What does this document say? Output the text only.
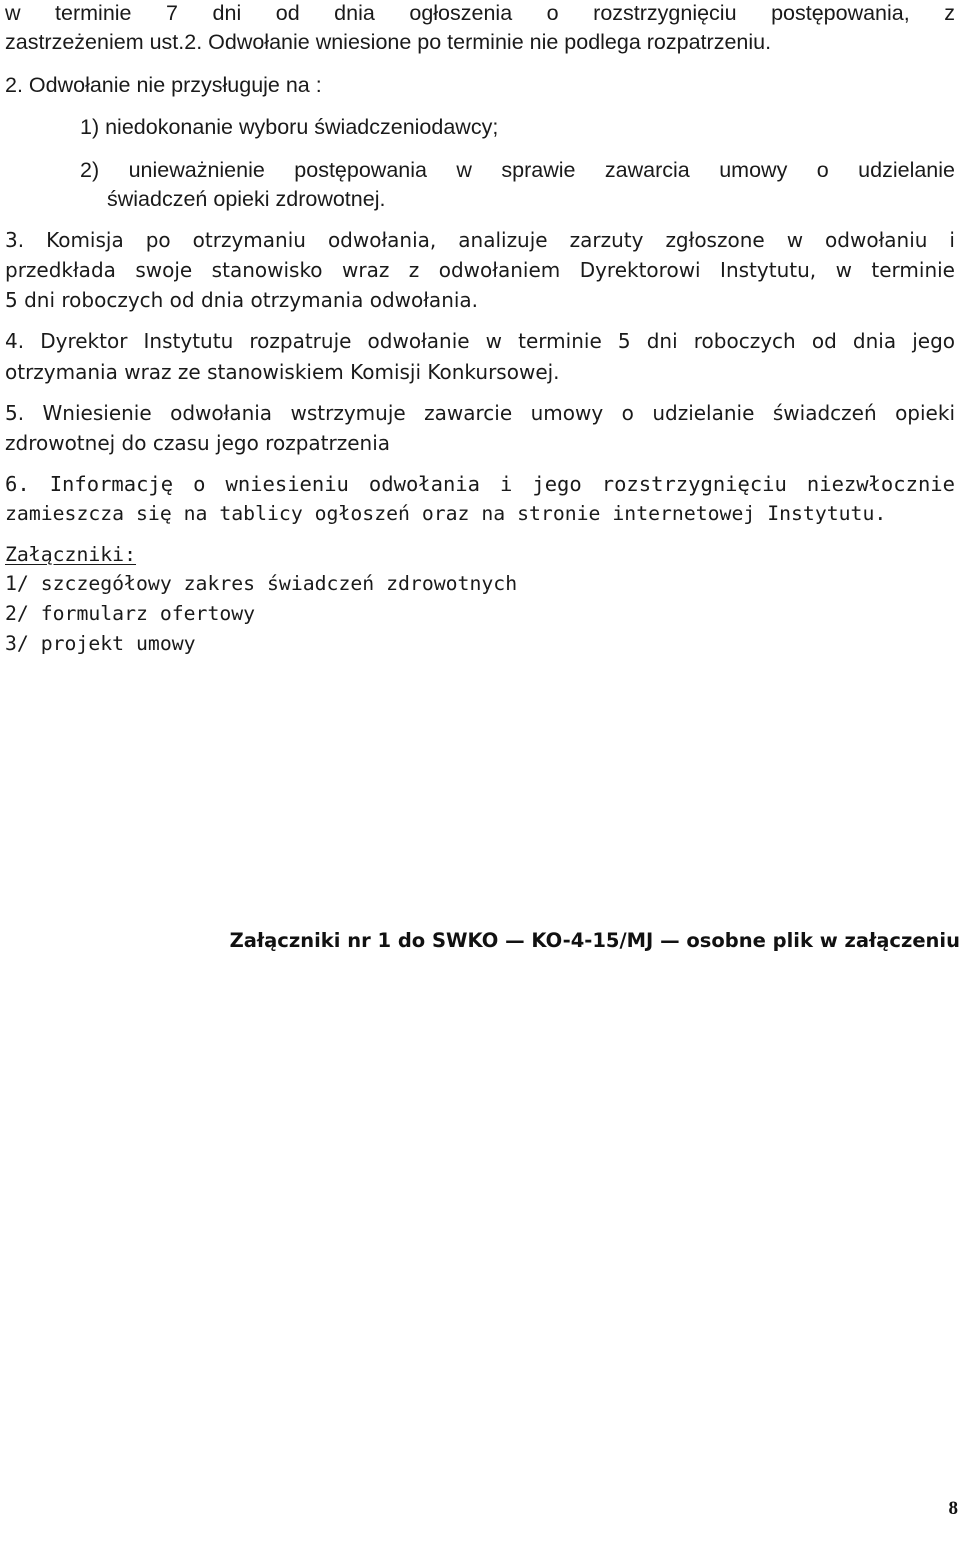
w terminie 7 dni od dnia ogłoszenia o rozstrzygnięciu postępowania, z
zastrzeżeniem ust.2. Odwołanie wniesione po terminie nie podlega rozpatrzeniu.
2. Odwołanie nie przysługuje na :
1) niedokonanie wyboru świadczeniodawcy;
2) unieważnienie postępowania w sprawie zawarcia umowy o udzielanie
świadczeń opieki zdrowotnej.
3. Komisja po otrzymaniu odwołania, analizuje zarzuty zgłoszone w odwołaniu i
przedkłada swoje stanowisko wraz z odwołaniem Dyrektorowi Instytutu, w terminie
5 dni roboczych od dnia otrzymania odwołania.
4. Dyrektor Instytutu rozpatruje odwołanie w terminie 5 dni roboczych od dnia jego
otrzymania wraz ze stanowiskiem Komisji Konkursowej.
5. Wniesienie odwołania wstrzymuje zawarcie umowy o udzielanie świadczeń opieki
zdrowotnej do czasu jego rozpatrzenia
6. Informację o wniesieniu odwołania i jego rozstrzygnięciu niezwłocznie
zamieszcza się na tablicy ogłoszeń oraz na stronie internetowej Instytutu.
Załączniki:
1/ szczegółowy zakres świadczeń zdrowotnych
2/ formularz ofertowy
3/ projekt umowy
Załączniki nr 1 do SWKO — KO-4-15/MJ — osobne plik w załączeniu
8
